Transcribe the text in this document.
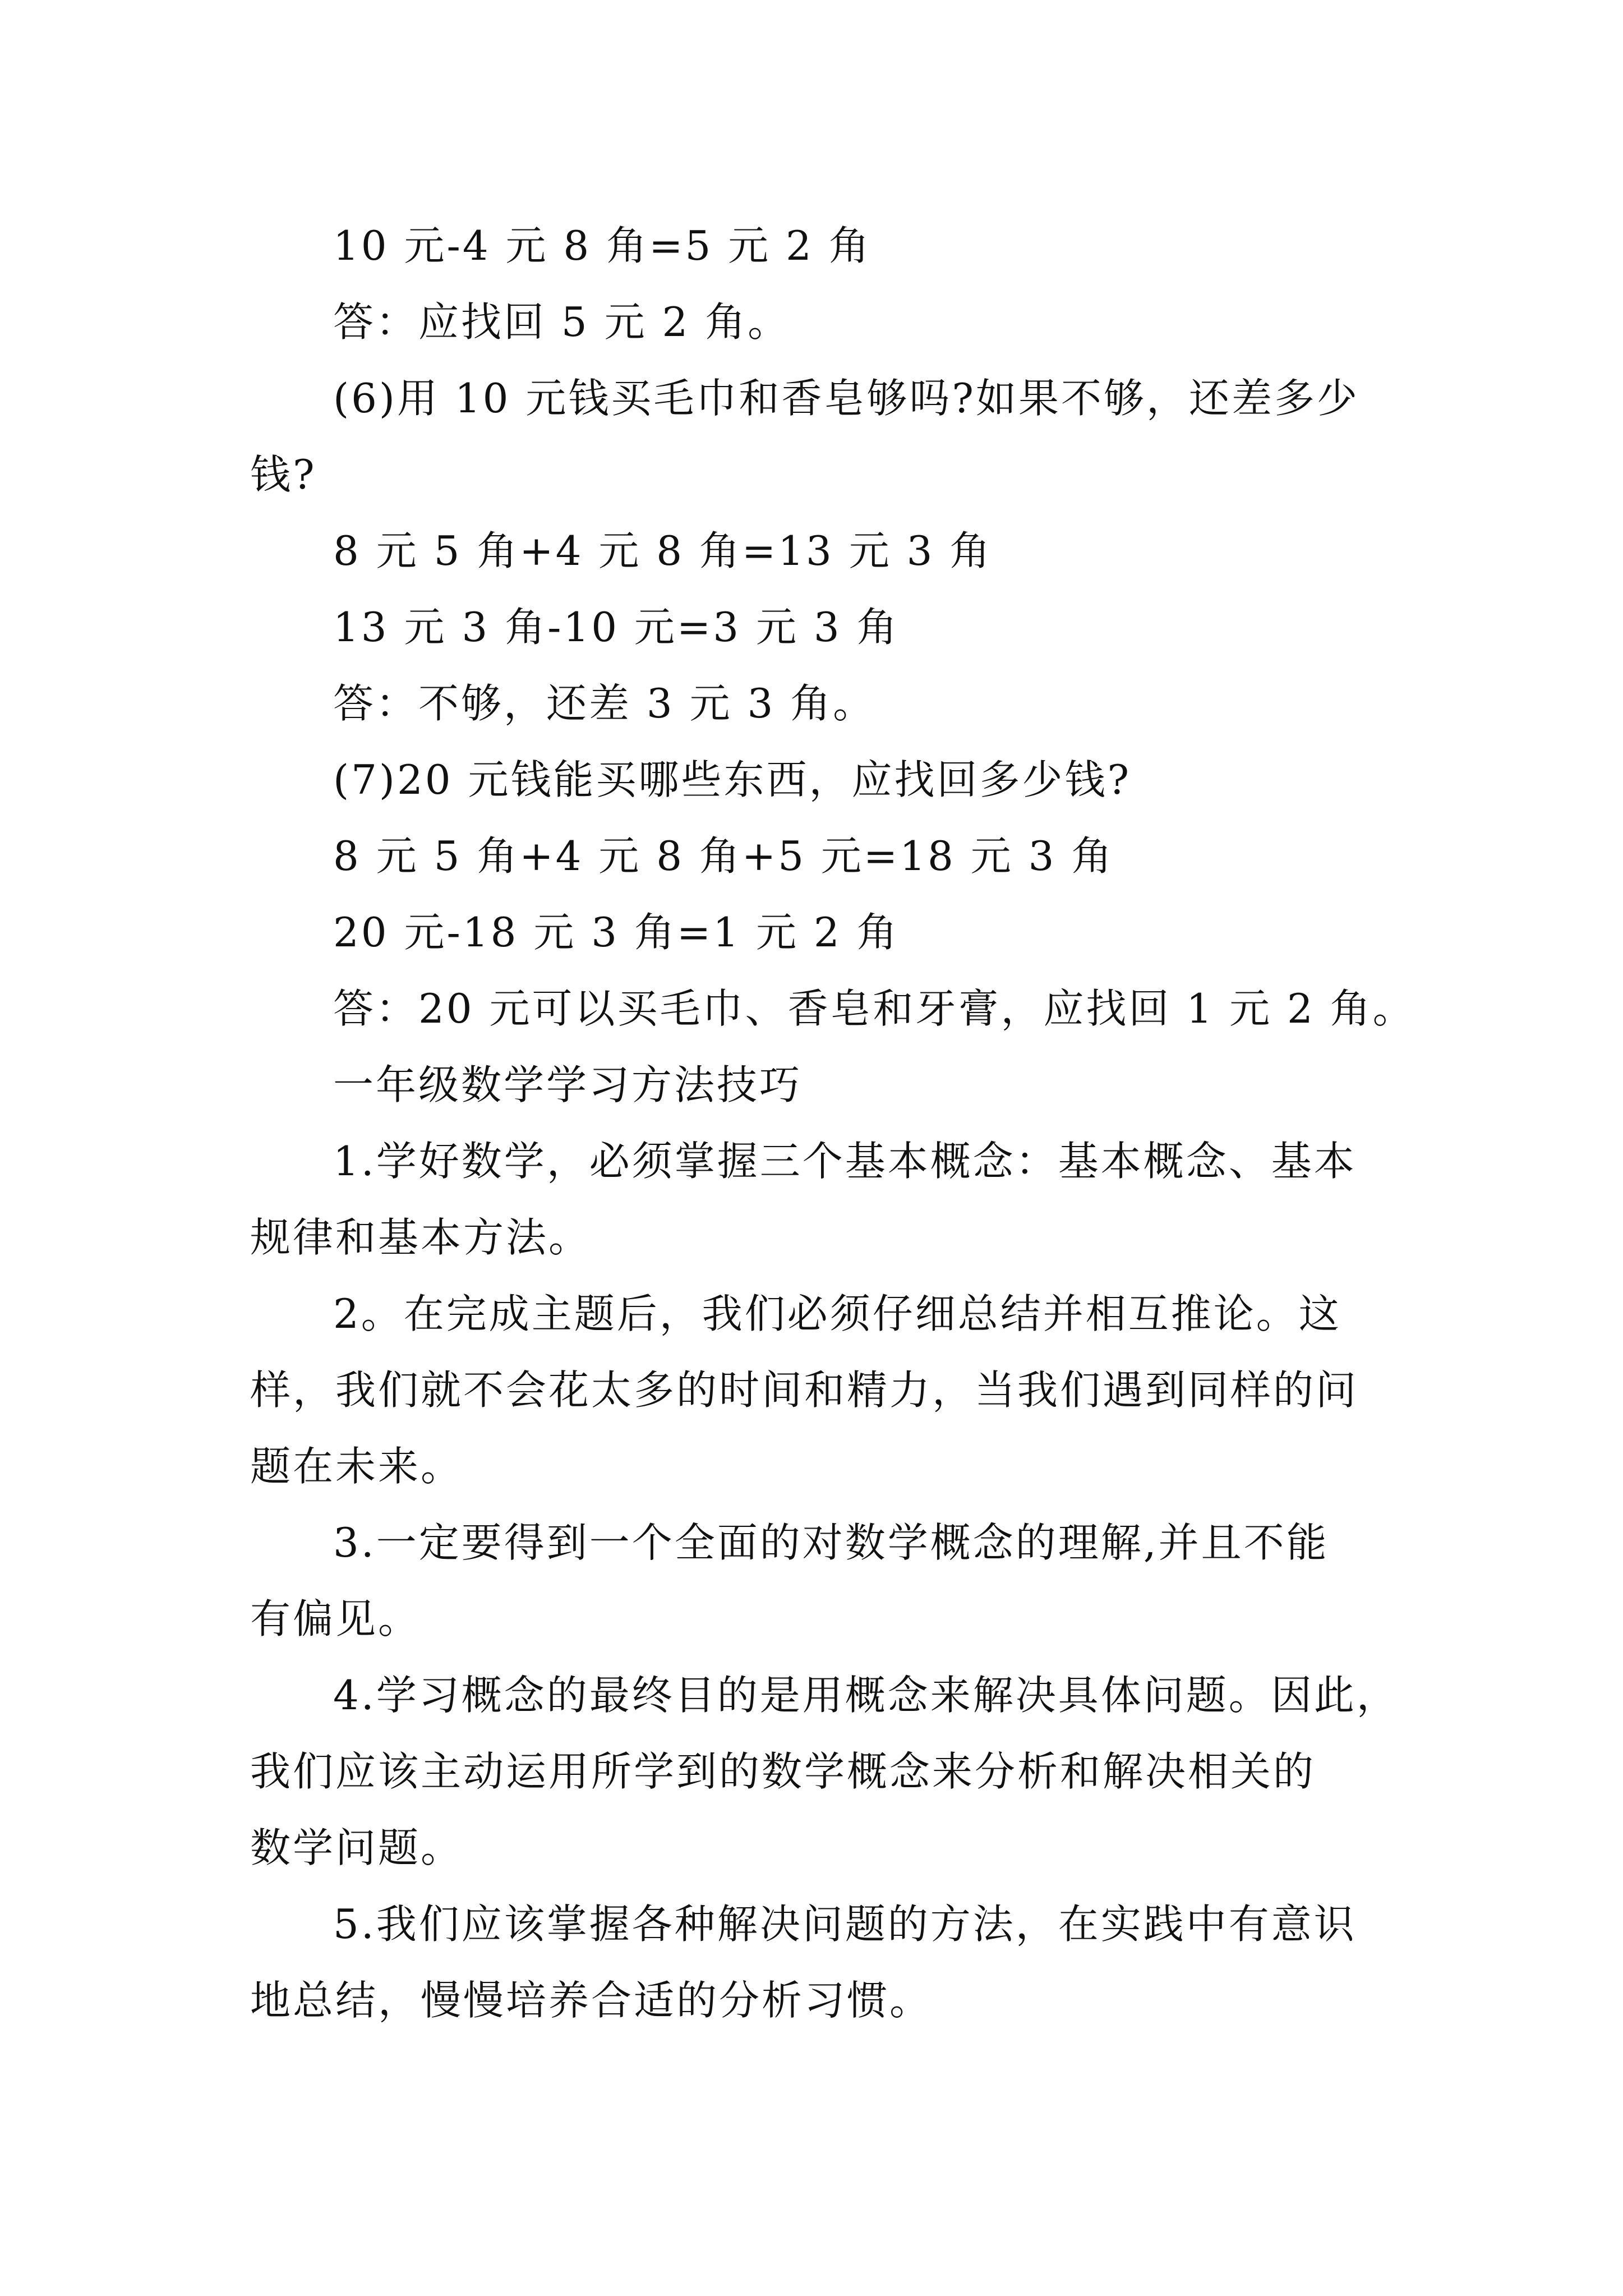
10 元-4 元 8 角=5 元 2 角
答：应找回 5 元 2 角。
(6)用 10 元钱买毛巾和香皂够吗?如果不够，还差多少
钱?
8 元 5 角+4 元 8 角=13 元 3 角
13 元 3 角-10 元=3 元 3 角
答：不够，还差 3 元 3 角。
(7)20 元钱能买哪些东西，应找回多少钱?
8 元 5 角+4 元 8 角+5 元=18 元 3 角
20 元-18 元 3 角=1 元 2 角
答：20 元可以买毛巾、香皂和牙膏，应找回 1 元 2 角。
一年级数学学习方法技巧
1.学好数学，必须掌握三个基本概念：基本概念、基本
规律和基本方法。
2。在完成主题后，我们必须仔细总结并相互推论。这
样，我们就不会花太多的时间和精力，当我们遇到同样的问
题在未来。
3.一定要得到一个全面的对数学概念的理解,并且不能
有偏见。
4.学习概念的最终目的是用概念来解决具体问题。因此，
我们应该主动运用所学到的数学概念来分析和解决相关的
数学问题。
5.我们应该掌握各种解决问题的方法，在实践中有意识
地总结，慢慢培养合适的分析习惯。
